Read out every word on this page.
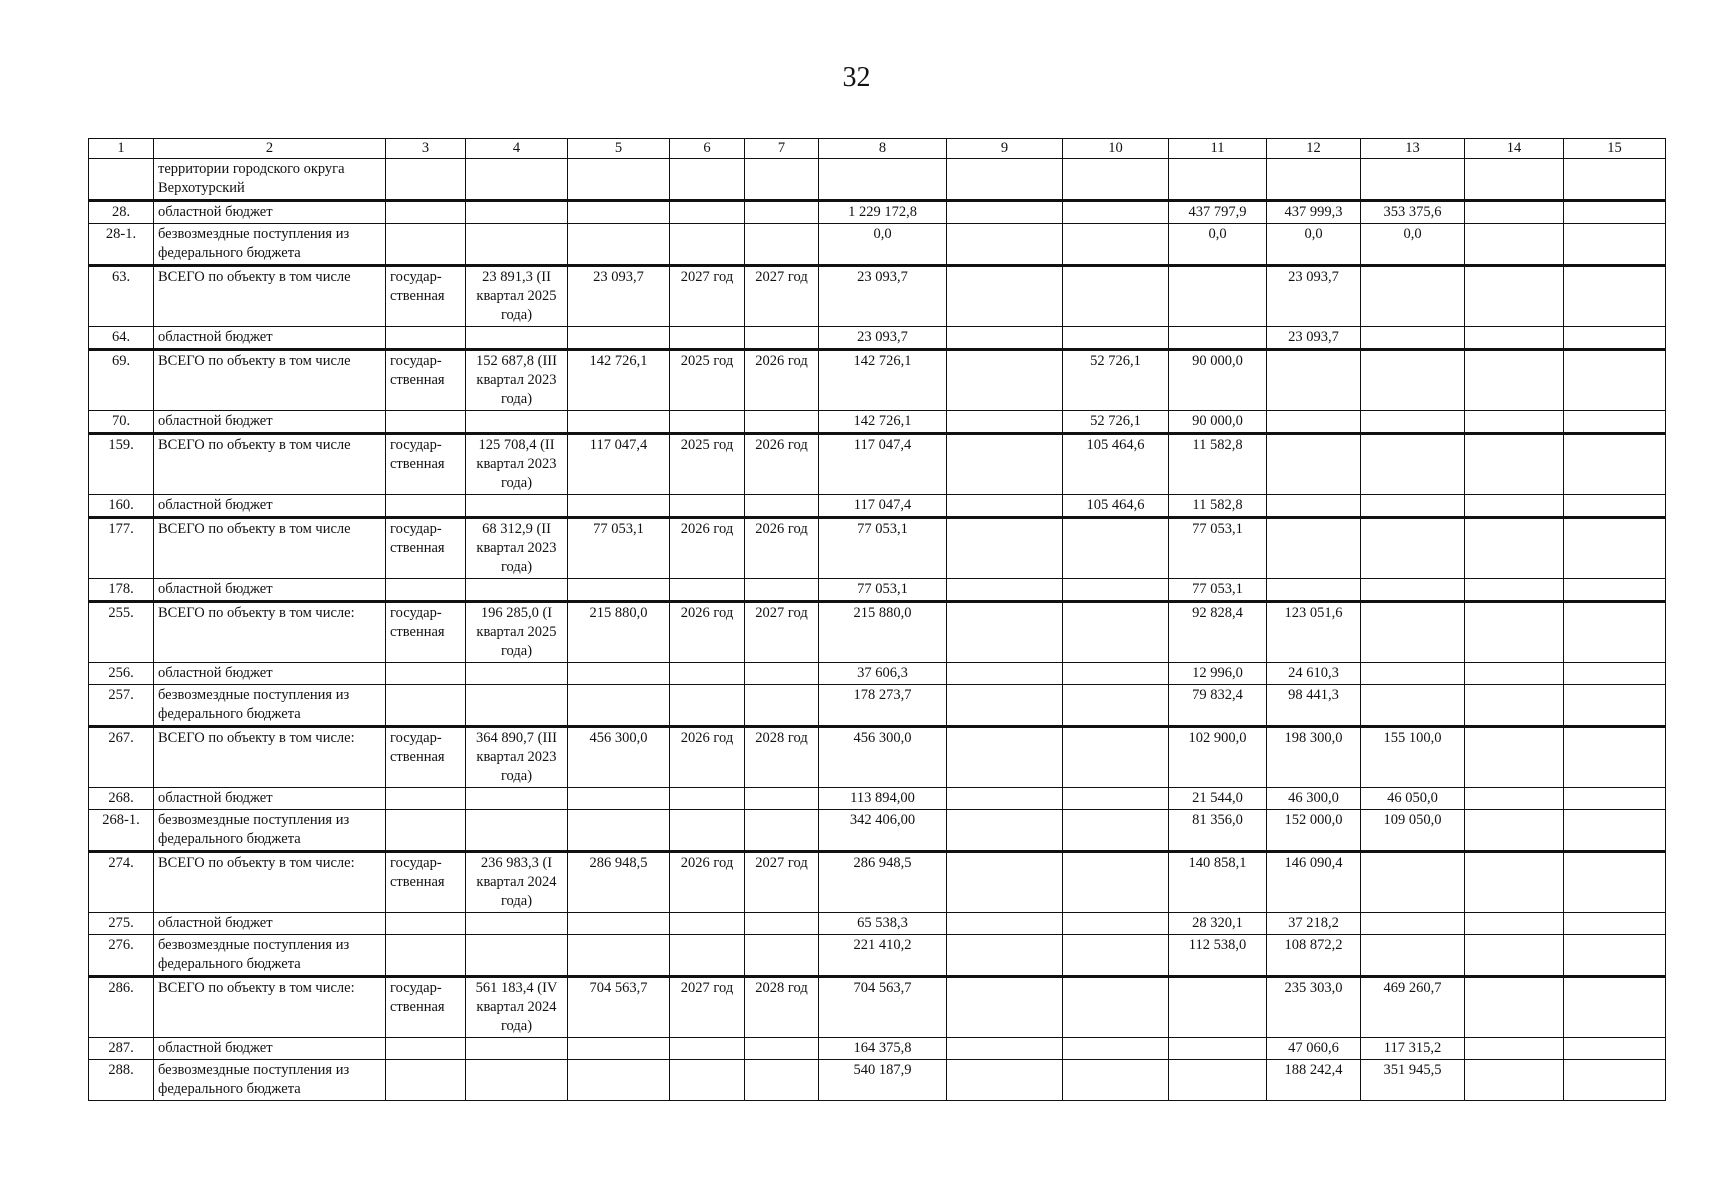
32
1	2	3	4	5	6	7	8	9	10	11	12	13	14	15
	территории городского округа Верхотурский													
28.	областной бюджет						1 229 172,8			437 797,9	437 999,3	353 375,6		
28-1.	безвозмездные поступления из федерального бюджета						0,0			0,0	0,0	0,0		
63.	ВСЕГО по объекту в том числе	государ-ственная	23 891,3 (II квартал 2025 года)	23 093,7	2027 год	2027 год	23 093,7				23 093,7			
64.	областной бюджет						23 093,7				23 093,7			
69.	ВСЕГО по объекту в том числе	государ-ственная	152 687,8 (III квартал 2023 года)	142 726,1	2025 год	2026 год	142 726,1		52 726,1	90 000,0				
70.	областной бюджет						142 726,1		52 726,1	90 000,0				
159.	ВСЕГО по объекту в том числе	государ-ственная	125 708,4 (II квартал 2023 года)	117 047,4	2025 год	2026 год	117 047,4		105 464,6	11 582,8				
160.	областной бюджет						117 047,4		105 464,6	11 582,8				
177.	ВСЕГО по объекту в том числе	государ-ственная	68 312,9 (II квартал 2023 года)	77 053,1	2026 год	2026 год	77 053,1			77 053,1				
178.	областной бюджет						77 053,1			77 053,1				
255.	ВСЕГО по объекту в том числе:	государ-ственная	196 285,0 (I квартал 2025 года)	215 880,0	2026 год	2027 год	215 880,0			92 828,4	123 051,6			
256.	областной бюджет						37 606,3			12 996,0	24 610,3			
257.	безвозмездные поступления из федерального бюджета						178 273,7			79 832,4	98 441,3			
267.	ВСЕГО по объекту в том числе:	государ-ственная	364 890,7 (III квартал 2023 года)	456 300,0	2026 год	2028 год	456 300,0			102 900,0	198 300,0	155 100,0		
268.	областной бюджет						113 894,00			21 544,0	46 300,0	46 050,0		
268-1.	безвозмездные поступления из федерального бюджета						342 406,00			81 356,0	152 000,0	109 050,0		
274.	ВСЕГО по объекту в том числе:	государ-ственная	236 983,3 (I квартал 2024 года)	286 948,5	2026 год	2027 год	286 948,5			140 858,1	146 090,4			
275.	областной бюджет						65 538,3			28 320,1	37 218,2			
276.	безвозмездные поступления из федерального бюджета						221 410,2			112 538,0	108 872,2			
286.	ВСЕГО по объекту в том числе:	государ-ственная	561 183,4 (IV квартал 2024 года)	704 563,7	2027 год	2028 год	704 563,7				235 303,0	469 260,7		
287.	областной бюджет						164 375,8				47 060,6	117 315,2		
288.	безвозмездные поступления из федерального бюджета						540 187,9				188 242,4	351 945,5		
